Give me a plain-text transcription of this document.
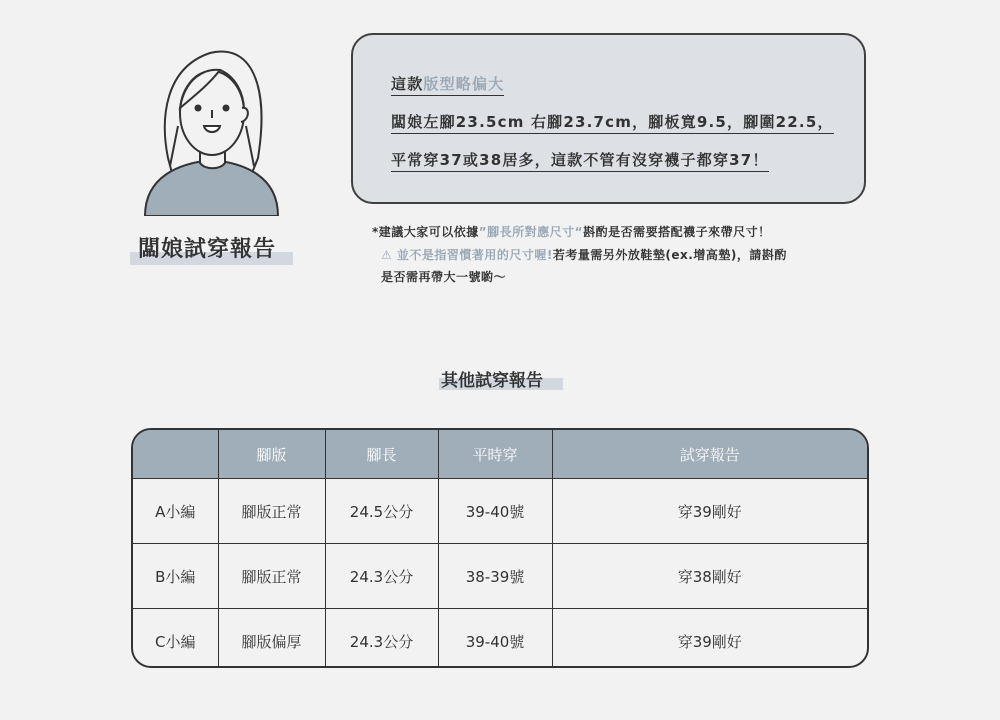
闆娘試穿報告
這款版型略偏大
闆娘左腳23.5cm 右腳23.7cm，腳板寬9.5，腳圍22.5，
平常穿37或38居多，這款不管有沒穿襪子都穿37！
*建議大家可以依據”腳長所對應尺寸“斟酌是否需要搭配襪子來帶尺寸！
⚠ 並不是指習慣著用的尺寸喔!若考量需另外放鞋墊(ex.增高墊)，請斟酌
是否需再帶大一號喲～
其他試穿報告
	腳版	腳長	平時穿	試穿報告
A小編	腳版正常	24.5公分	39-40號	穿39剛好
B小編	腳版正常	24.3公分	38-39號	穿38剛好
C小編	腳版偏厚	24.3公分	39-40號	穿39剛好
